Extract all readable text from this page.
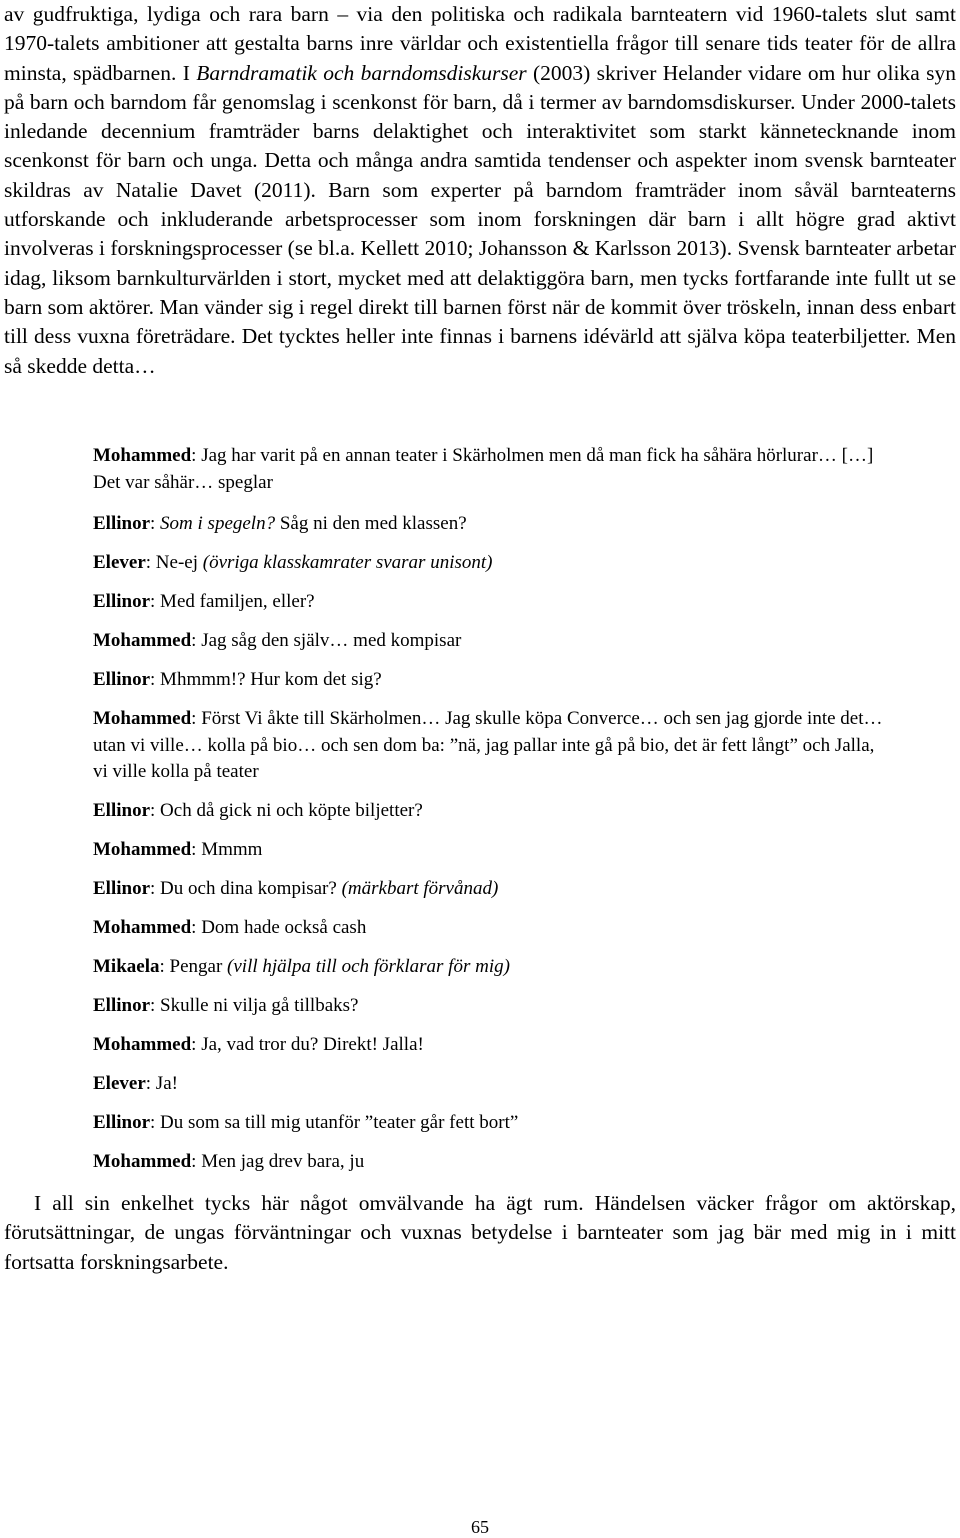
av gudfruktiga, lydiga och rara barn – via den politiska och radikala barnteatern vid 1960-talets slut samt 1970-talets ambitioner att gestalta barns inre världar och existentiella frågor till senare tids teater för de allra minsta, spädbarnen. I Barndramatik och barndomsdiskurser (2003) skriver Helander vidare om hur olika syn på barn och barndom får genomslag i scenkonst för barn, då i termer av barndomsdiskurser. Under 2000-talets inledande decennium framträder barns delaktighet och interaktivitet som starkt kännetecknande inom scenkonst för barn och unga. Detta och många andra samtida tendenser och aspekter inom svensk barnteater skildras av Natalie Davet (2011). Barn som experter på barndom framträder inom såväl barnteaterns utforskande och inkluderande arbetsprocesser som inom forskningen där barn i allt högre grad aktivt involveras i forskningsprocesser (se bl.a. Kellett 2010; Johansson & Karlsson 2013). Svensk barnteater arbetar idag, liksom barnkulturvärlden i stort, mycket med att delaktiggöra barn, men tycks fortfarande inte fullt ut se barn som aktörer. Man vänder sig i regel direkt till barnen först när de kommit över tröskeln, innan dess enbart till dess vuxna företrädare. Det tycktes heller inte finnas i barnens idévärld att själva köpa teaterbiljetter. Men så skedde detta…

Mohammed: Jag har varit på en annan teater i Skärholmen men då man fick ha såhära hörlurar… […] Det var såhär… speglar

Ellinor: Som i spegeln? Såg ni den med klassen?

Elever: Ne-ej (övriga klasskamrater svarar unisont)

Ellinor: Med familjen, eller?

Mohammed: Jag såg den själv… med kompisar

Ellinor: Mhmmm!? Hur kom det sig?

Mohammed: Först Vi åkte till Skärholmen… Jag skulle köpa Converce… och sen jag gjorde inte det… utan vi ville… kolla på bio… och sen dom ba: ”nä, jag pallar inte gå på bio, det är fett långt” och Jalla, vi ville kolla på teater

Ellinor: Och då gick ni och köpte biljetter?

Mohammed: Mmmm

Ellinor: Du och dina kompisar? (märkbart förvånad)

Mohammed: Dom hade också cash

Mikaela: Pengar (vill hjälpa till och förklarar för mig)

Ellinor: Skulle ni vilja gå tillbaks?

Mohammed: Ja, vad tror du? Direkt! Jalla!

Elever: Ja!

Ellinor: Du som sa till mig utanför ”teater går fett bort”

Mohammed: Men jag drev bara, ju

I all sin enkelhet tycks här något omvälvande ha ägt rum. Händelsen väcker frågor om aktörskap, förutsättningar, de ungas förväntningar och vuxnas betydelse i barnteater som jag bär med mig in i mitt fortsatta forskningsarbete.

65
